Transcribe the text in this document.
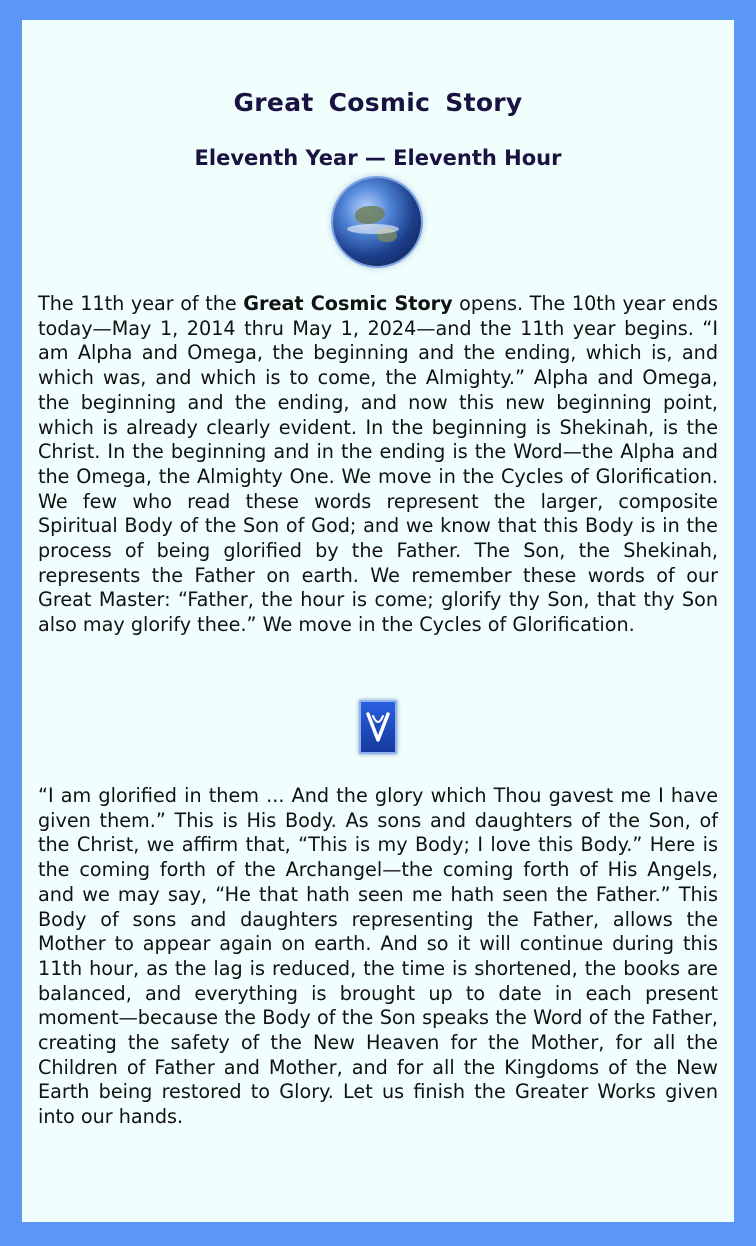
Great Cosmic Story
Eleventh Year — Eleventh Hour

The 11th year of the Great Cosmic Story opens. The 10th year ends today—May 1, 2014 thru May 1, 2024—and the 11th year begins. “I am Alpha and Omega, the beginning and the ending, which is, and which was, and which is to come, the Almighty.” Alpha and Omega, the beginning and the ending, and now this new beginning point, which is already clearly evident. In the beginning is Shekinah, is the Christ. In the beginning and in the ending is the Word—the Alpha and the Omega, the Almighty One. We move in the Cycles of Glorification. We few who read these words represent the larger, composite Spiritual Body of the Son of God; and we know that this Body is in the process of being glorified by the Father. The Son, the Shekinah, represents the Father on earth. We remember these words of our Great Master: “Father, the hour is come; glorify thy Son, that thy Son also may glorify thee.” We move in the Cycles of Glorification.

“I am glorified in them ... And the glory which Thou gavest me I have given them.” This is His Body. As sons and daughters of the Son, of the Christ, we affirm that, “This is my Body; I love this Body.” Here is the coming forth of the Archangel—the coming forth of His Angels, and we may say, “He that hath seen me hath seen the Father.” This Body of sons and daughters representing the Father, allows the Mother to appear again on earth. And so it will continue during this 11th hour, as the lag is reduced, the time is shortened, the books are balanced, and everything is brought up to date in each present moment—because the Body of the Son speaks the Word of the Father, creating the safety of the New Heaven for the Mother, for all the Children of Father and Mother, and for all the Kingdoms of the New Earth being restored to Glory. Let us finish the Greater Works given into our hands.
